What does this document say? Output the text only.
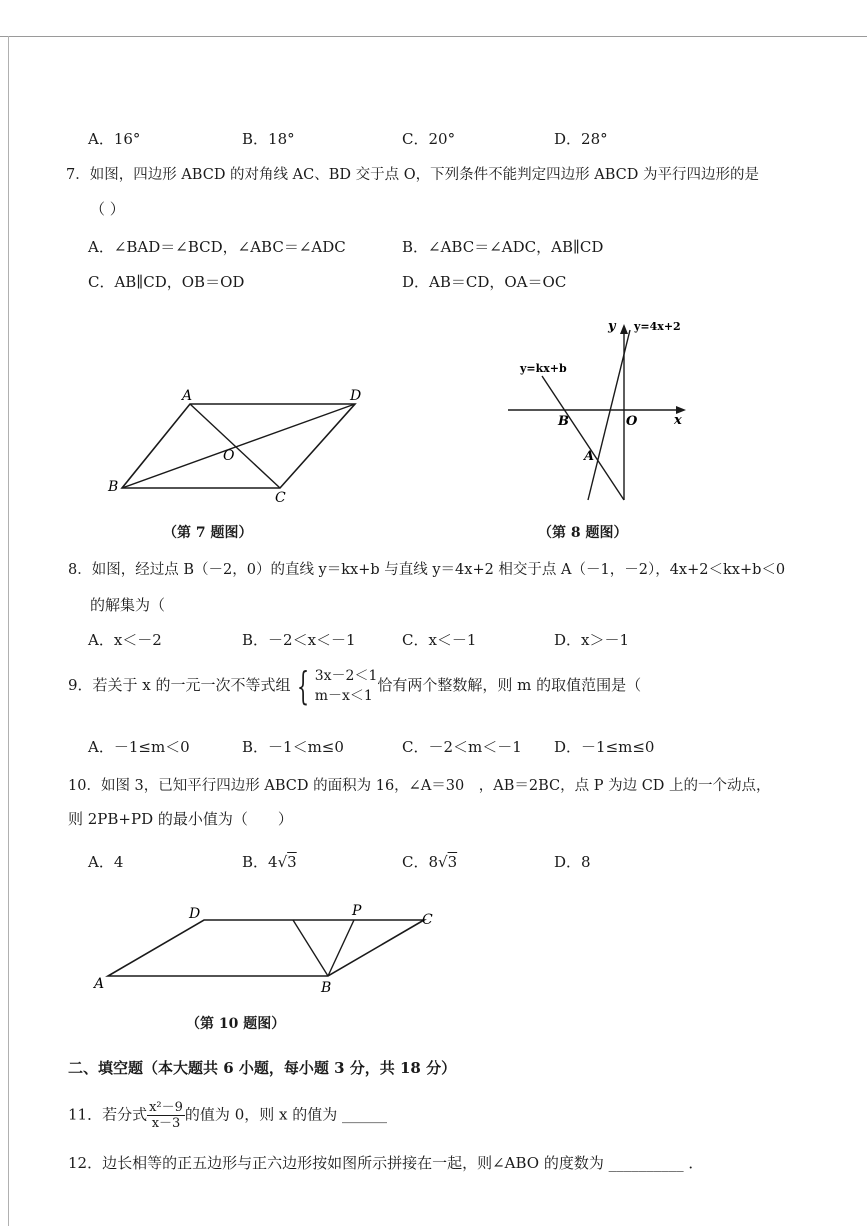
A．16°	B．18°	C．20°	D．28°
7．如图，四边形 ABCD 的对角线 AC、BD 交于点 O，下列条件不能判定四边形 ABCD 为平行四边形的是
（ ）
A．∠BAD＝∠BCD，∠ABC＝∠ADC	B．∠ABC＝∠ADC，AB∥CD
C．AB∥CD，OB＝OD	D．AB＝CD，OA＝OC
A	D
B
C
O
（第 7 题图）
y
x
O
B
A
y=4x+2
y=kx+b
（第 8 题图）
8．如图，经过点 B（－2，0）的直线 y＝kx+b 与直线 y＝4x+2 相交于点 A（－1，－2），4x+2＜kx+b＜0
的解集为（
A．x＜－2	B．－2＜x＜－1	C．x＜－1	D．x＞－1
9．若关于 x 的一元一次不等式组 { 3x－2＜1
m－x＜1
恰有两个整数解，则 m 的取值范围是（
A．－1≤m＜0	B．－1＜m≤0	C．－2＜m＜－1 D．－1≤m≤0
10．如图 3，已知平行四边形 ABCD 的面积为 16，∠A＝30　，AB＝2BC，点 P 为边 CD 上的一个动点，
则 2PB+PD 的最小值为（　　）
A．4	B．4√3	C．8√3	D．8
D	P
C
A	B
（第 10 题图）
二、填空题（本大题共 6 小题，每小题 3 分，共 18 分）
11．若分式 $\frac{\text{x²－9}}{x-3}$ 的值为 0，则 x 的值为 ______
12．边长相等的正五边形与正六边形按如图所示拼接在一起，则∠ABO 的度数为 __________ ．
